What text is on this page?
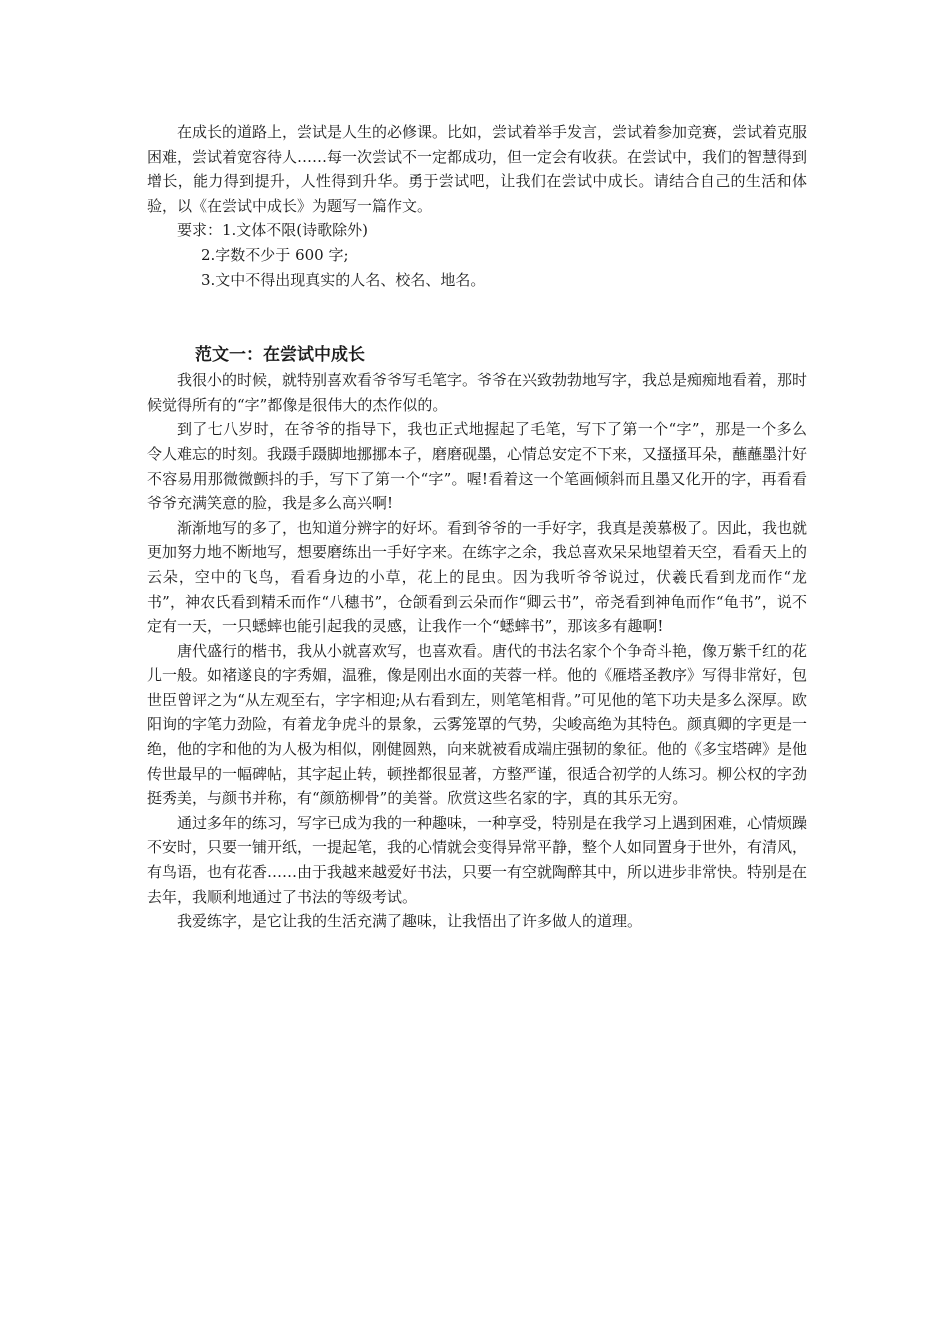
在成长的道路上，尝试是人生的必修课。比如，尝试着举手发言，尝试着参加竞赛，尝试着克服困难，尝试着宽容待人……每一次尝试不一定都成功，但一定会有收获。在尝试中，我们的智慧得到增长，能力得到提升，人性得到升华。勇于尝试吧，让我们在尝试中成长。请结合自己的生活和体验，以《在尝试中成长》为题写一篇作文。

要求：1.文体不限(诗歌除外)

2.字数不少于 600 字;

3.文中不得出现真实的人名、校名、地名。

范文一：在尝试中成长

我很小的时候，就特别喜欢看爷爷写毛笔字。爷爷在兴致勃勃地写字，我总是痴痴地看着，那时候觉得所有的“字”都像是很伟大的杰作似的。

到了七八岁时，在爷爷的指导下，我也正式地握起了毛笔，写下了第一个“字”，那是一个多么令人难忘的时刻。我蹑手蹑脚地挪挪本子，磨磨砚墨，心情总安定不下来，又搔搔耳朵，蘸蘸墨汁好不容易用那微微颤抖的手，写下了第一个“字”。喔!看着这一个笔画倾斜而且墨又化开的字，再看看爷爷充满笑意的脸，我是多么高兴啊!

渐渐地写的多了，也知道分辨字的好坏。看到爷爷的一手好字，我真是羡慕极了。因此，我也就更加努力地不断地写，想要磨练出一手好字来。在练字之余，我总喜欢呆呆地望着天空，看看天上的云朵，空中的飞鸟，看看身边的小草，花上的昆虫。因为我听爷爷说过，伏羲氏看到龙而作“龙书”，神农氏看到精禾而作“八穗书”，仓颌看到云朵而作“卿云书”，帝尧看到神龟而作“龟书”，说不定有一天，一只蟋蟀也能引起我的灵感，让我作一个“蟋蟀书”，那该多有趣啊!

唐代盛行的楷书，我从小就喜欢写，也喜欢看。唐代的书法名家个个争奇斗艳，像万紫千红的花儿一般。如褚遂良的字秀媚，温雅，像是刚出水面的芙蓉一样。他的《雁塔圣教序》写得非常好，包世臣曾评之为“从左观至右，字字相迎;从右看到左，则笔笔相背。”可见他的笔下功夫是多么深厚。欧阳询的字笔力劲险，有着龙争虎斗的景象，云雾笼罩的气势，尖峻高绝为其特色。颜真卿的字更是一绝，他的字和他的为人极为相似，刚健圆熟，向来就被看成端庄强韧的象征。他的《多宝塔碑》是他传世最早的一幅碑帖，其字起止转，顿挫都很显著，方整严谨，很适合初学的人练习。柳公权的字劲挺秀美，与颜书并称，有“颜筋柳骨”的美誉。欣赏这些名家的字，真的其乐无穷。

通过多年的练习，写字已成为我的一种趣味，一种享受，特别是在我学习上遇到困难，心情烦躁不安时，只要一铺开纸，一提起笔，我的心情就会变得异常平静，整个人如同置身于世外，有清风，有鸟语，也有花香……由于我越来越爱好书法，只要一有空就陶醉其中，所以进步非常快。特别是在去年，我顺利地通过了书法的等级考试。

我爱练字，是它让我的生活充满了趣味，让我悟出了许多做人的道理。
